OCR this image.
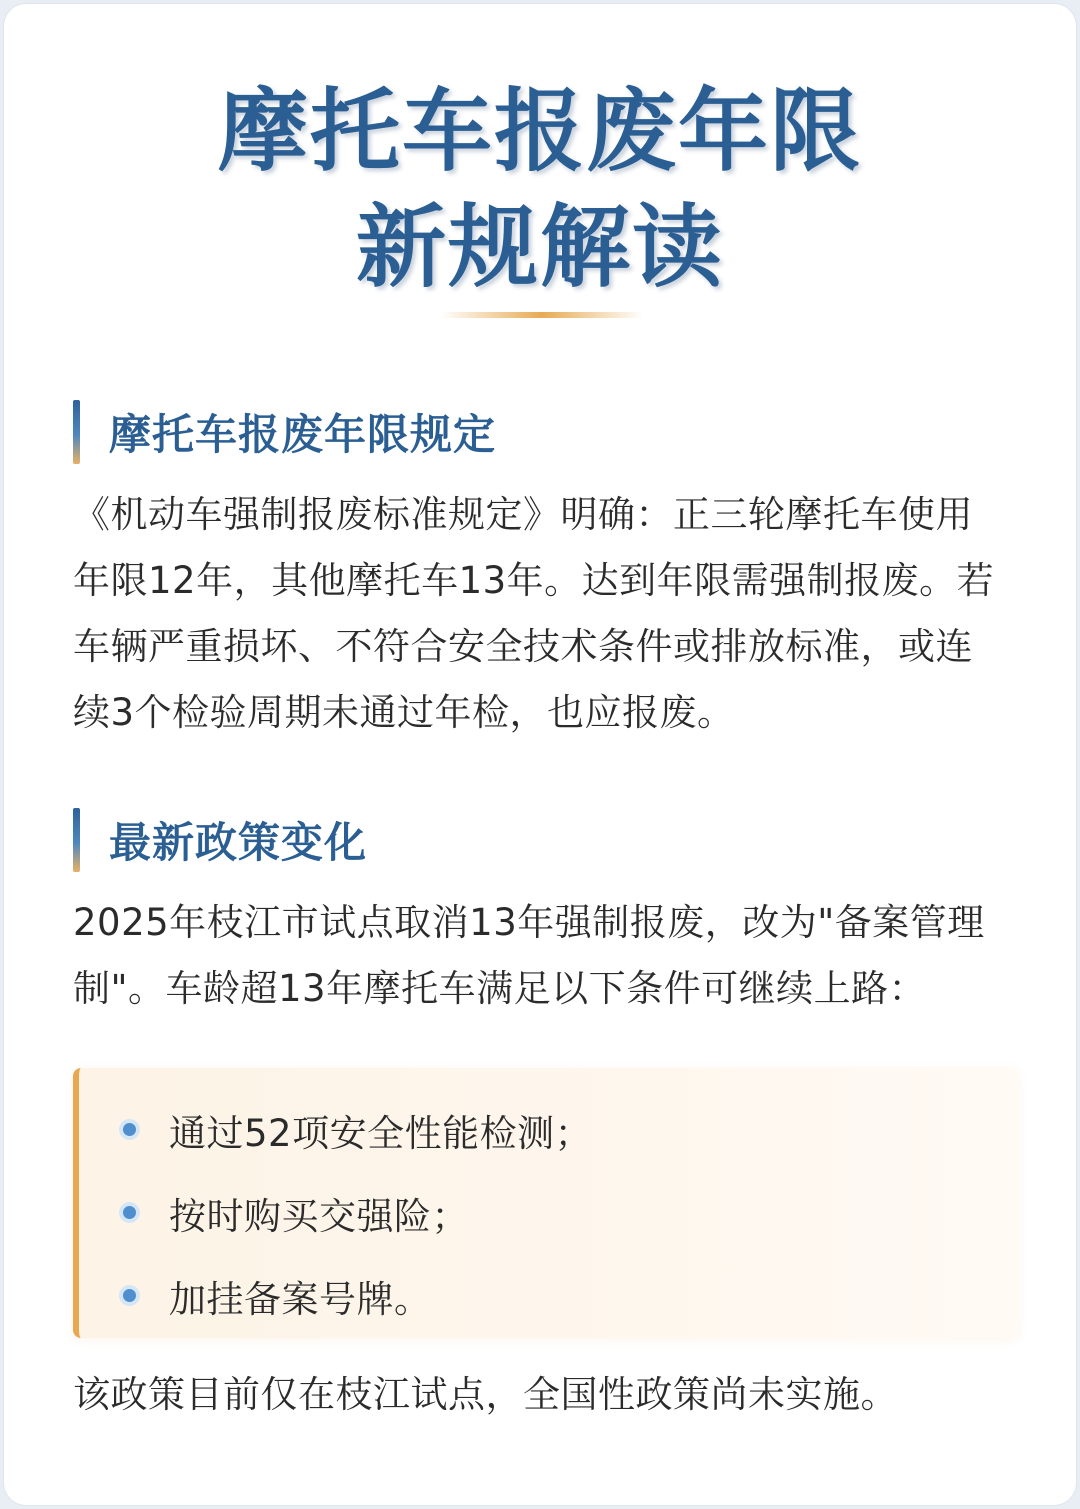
摩托车报废年限
新规解读
摩托车报废年限规定
《机动车强制报废标准规定》明确：正三轮摩托车使用
年限12年，其他摩托车13年。达到年限需强制报废。若
车辆严重损坏、不符合安全技术条件或排放标准，或连
续3个检验周期未通过年检，也应报废。
最新政策变化
2025年枝江市试点取消13年强制报废，改为"备案管理
制"。车龄超13年摩托车满足以下条件可继续上路：
通过52项安全性能检测；
按时购买交强险；
加挂备案号牌。
该政策目前仅在枝江试点，全国性政策尚未实施。
